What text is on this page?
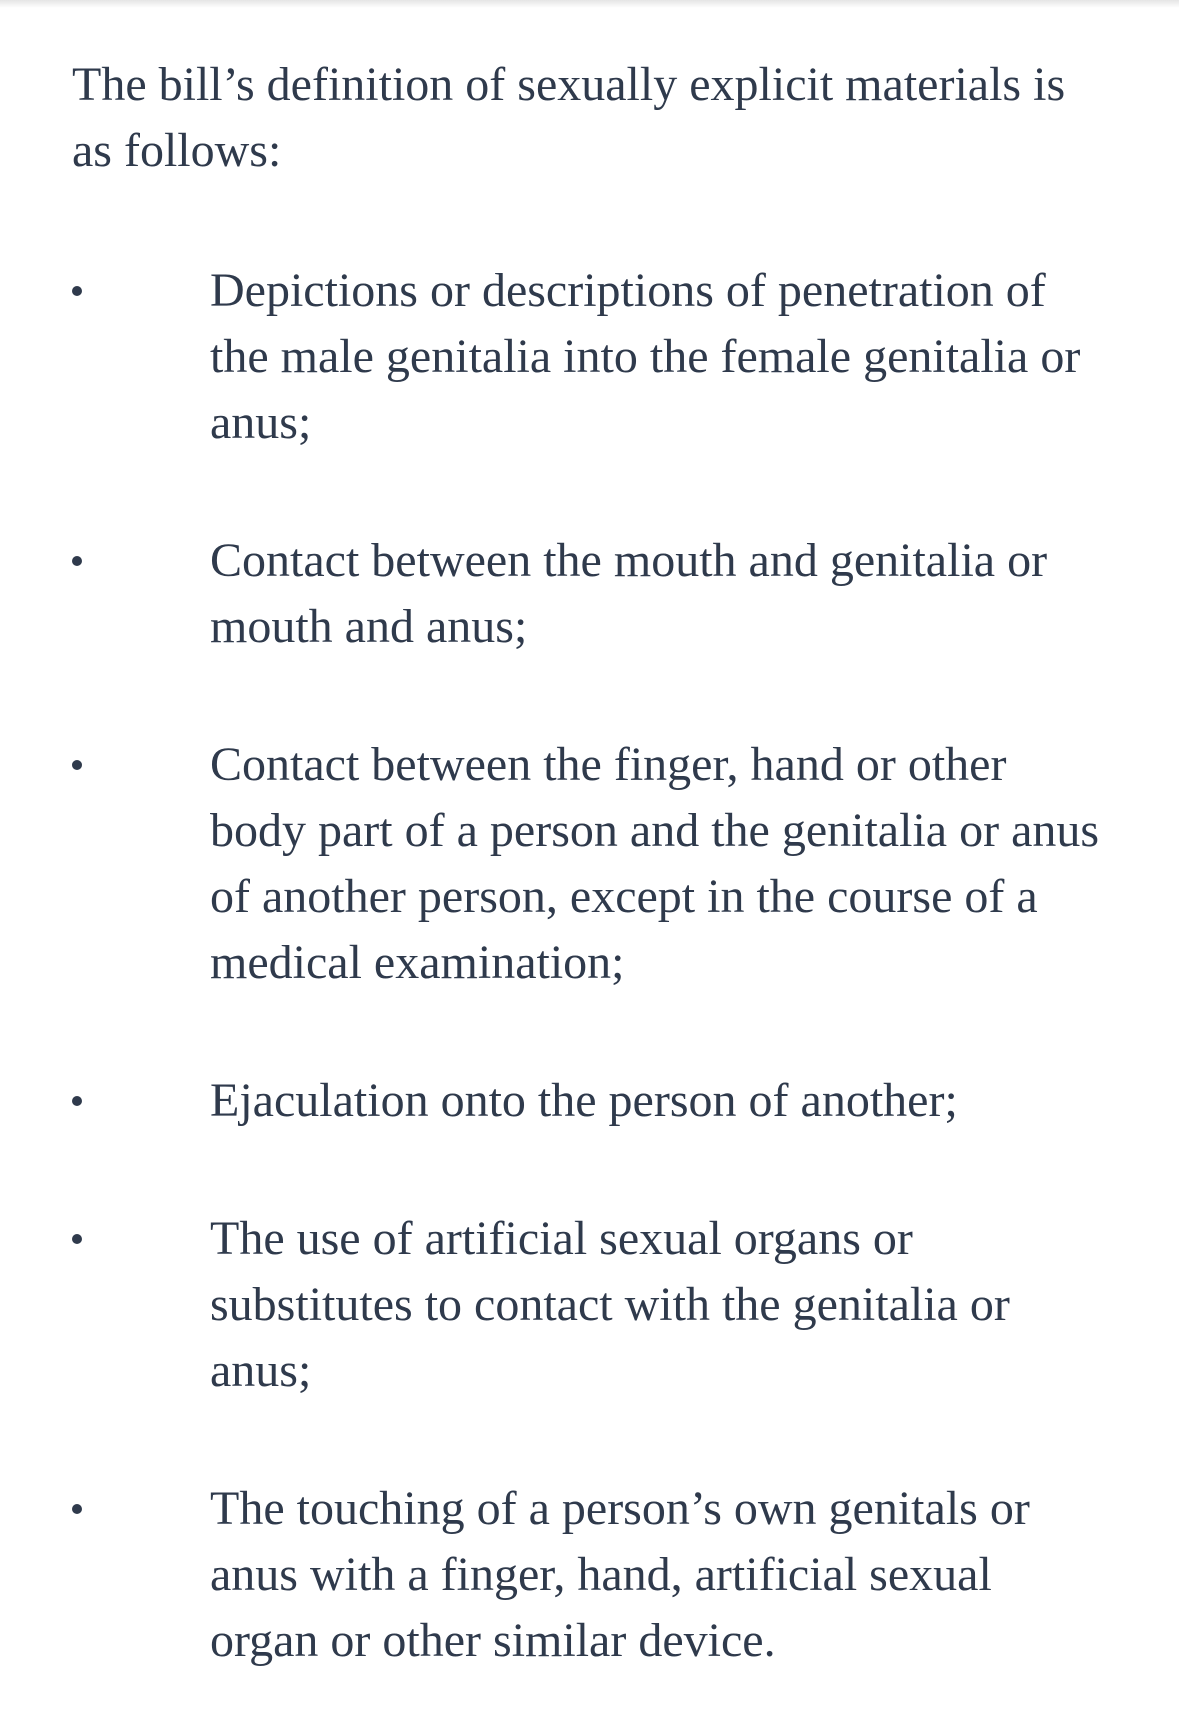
The bill’s definition of sexually explicit materials is as follows:

Depictions or descriptions of penetration of the male genitalia into the female genitalia or anus;
Contact between the mouth and genitalia or mouth and anus;
Contact between the finger, hand or other body part of a person and the genitalia or anus of another person, except in the course of a medical examination;
Ejaculation onto the person of another;
The use of artificial sexual organs or substitutes to contact with the genitalia or anus;
The touching of a person’s own genitals or anus with a finger, hand, artificial sexual organ or other similar device.
